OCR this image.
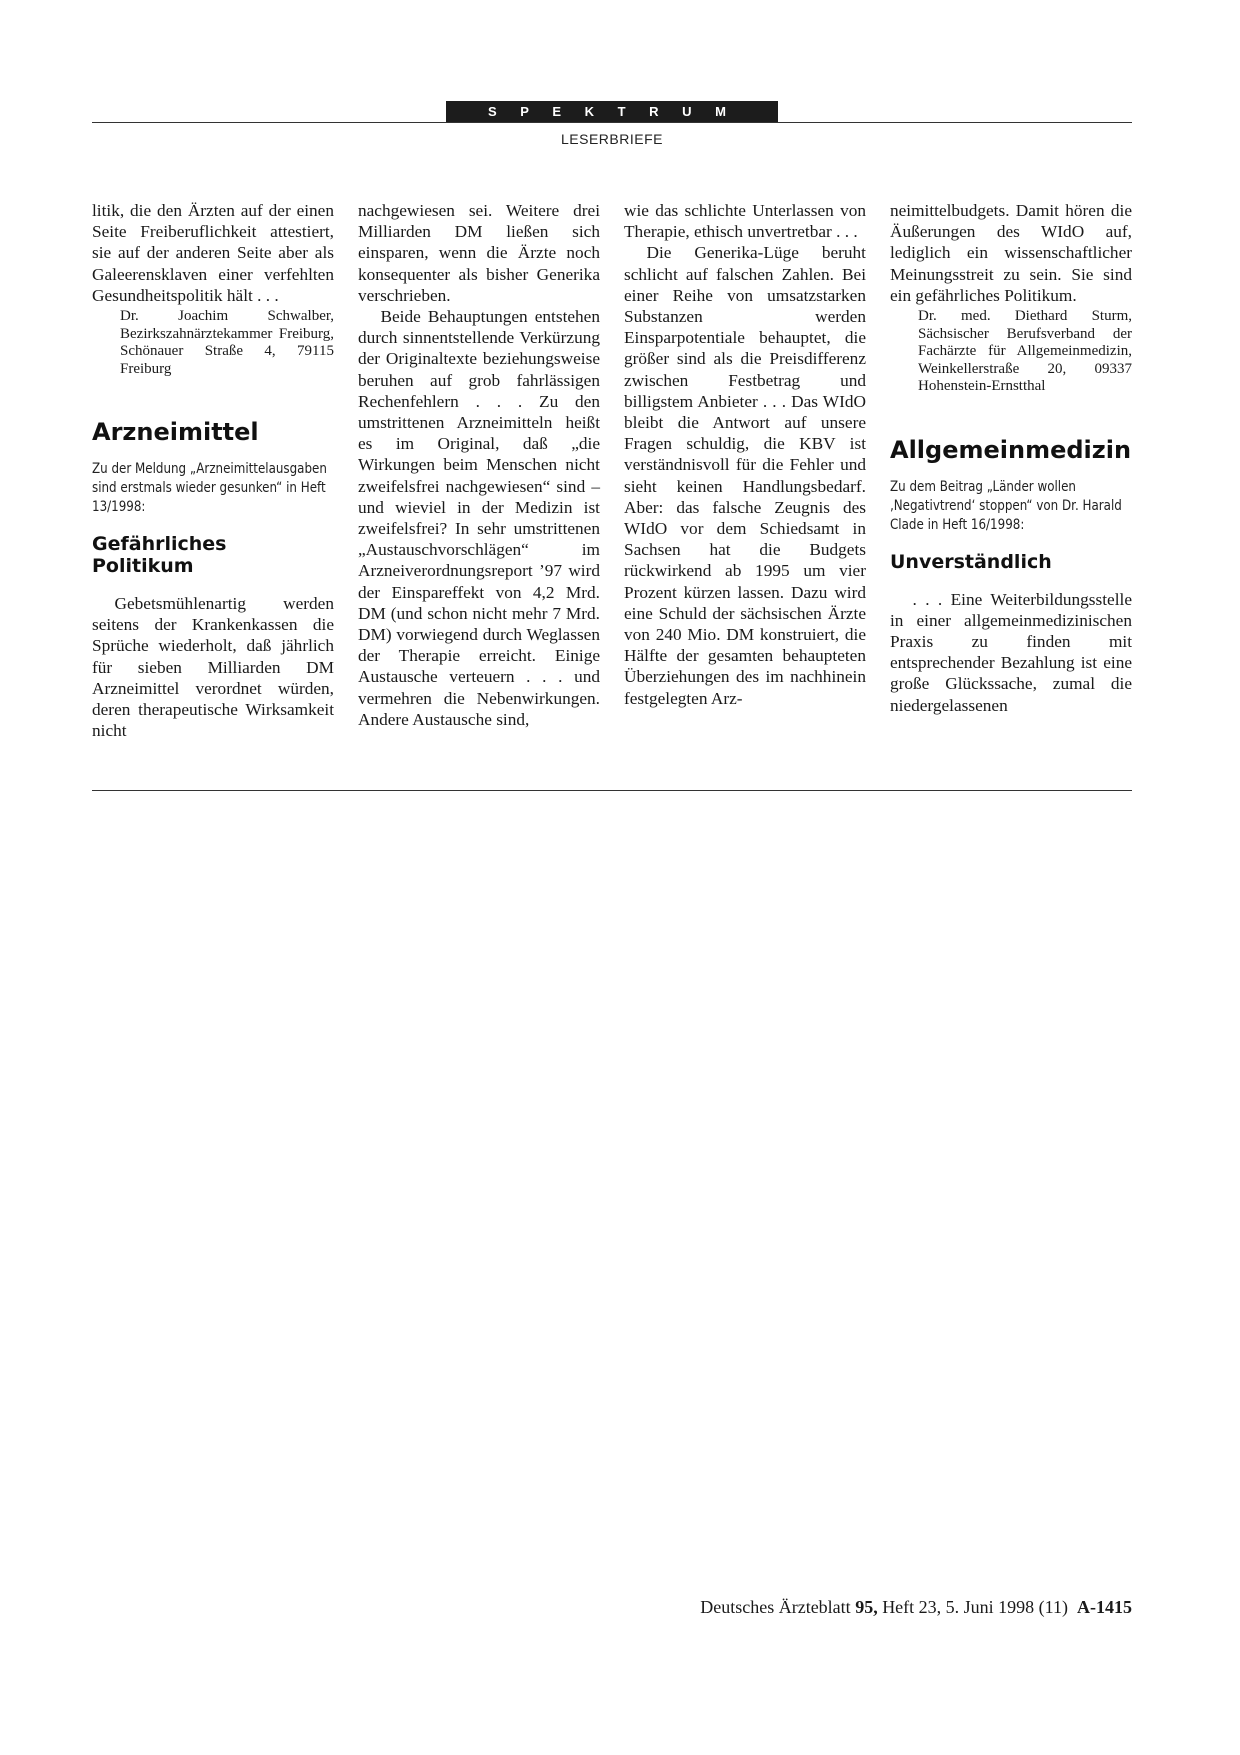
S P E K T R U M
LESERBRIEFE

litik, die den Ärzten auf der einen Seite Freiberuflichkeit attestiert, sie auf der anderen Seite aber als Galeerensklaven einer verfehlten Gesundheitspolitik hält . . .

Dr. Joachim Schwalber, Bezirkszahnärztekammer Freiburg, Schönauer Straße 4, 79115 Freiburg

Arzneimittel

Zu der Meldung „Arzneimittelausgaben sind erstmals wieder gesunken“ in Heft 13/1998:

Gefährliches Politikum

Gebetsmühlenartig werden seitens der Krankenkassen die Sprüche wiederholt, daß jährlich für sieben Milliarden DM Arzneimittel verordnet würden, deren therapeutische Wirksamkeit nicht

nachgewiesen sei. Weitere drei Milliarden DM ließen sich einsparen, wenn die Ärzte noch konsequenter als bisher Generika verschrieben.

Beide Behauptungen entstehen durch sinnentstellende Verkürzung der Originaltexte beziehungsweise beruhen auf grob fahrlässigen Rechenfehlern . . . Zu den umstrittenen Arzneimitteln heißt es im Original, daß „die Wirkungen beim Menschen nicht zweifelsfrei nachgewiesen“ sind – und wieviel in der Medizin ist zweifelsfrei? In sehr umstrittenen „Austauschvorschlägen“ im Arzneiverordnungsreport ’97 wird der Einspareffekt von 4,2 Mrd. DM (und schon nicht mehr 7 Mrd. DM) vorwiegend durch Weglassen der Therapie erreicht. Einige Austausche verteuern . . . und vermehren die Nebenwirkungen. Andere Austausche sind,

wie das schlichte Unterlassen von Therapie, ethisch unvertretbar . . .

Die Generika-Lüge beruht schlicht auf falschen Zahlen. Bei einer Reihe von umsatzstarken Substanzen werden Einsparpotentiale behauptet, die größer sind als die Preisdifferenz zwischen Festbetrag und billigstem Anbieter . . . Das WIdO bleibt die Antwort auf unsere Fragen schuldig, die KBV ist verständnisvoll für die Fehler und sieht keinen Handlungsbedarf. Aber: das falsche Zeugnis des WIdO vor dem Schiedsamt in Sachsen hat die Budgets rückwirkend ab 1995 um vier Prozent kürzen lassen. Dazu wird eine Schuld der sächsischen Ärzte von 240 Mio. DM konstruiert, die Hälfte der gesamten behaupteten Überziehungen des im nachhinein festgelegten Arz-

neimittelbudgets. Damit hören die Äußerungen des WIdO auf, lediglich ein wissenschaftlicher Meinungsstreit zu sein. Sie sind ein gefährliches Politikum.

Dr. med. Diethard Sturm, Sächsischer Berufsverband der Fachärzte für Allgemeinmedizin, Weinkellerstraße 20, 09337 Hohenstein-Ernstthal

Allgemeinmedizin

Zu dem Beitrag „Länder wollen ‚Negativtrend‘ stoppen“ von Dr. Harald Clade in Heft 16/1998:

Unverständlich

. . . Eine Weiterbildungsstelle in einer allgemeinmedizinischen Praxis zu finden mit entsprechender Bezahlung ist eine große Glückssache, zumal die niedergelassenen

Deutsches Ärzteblatt 95, Heft 23, 5. Juni 1998 (11) A-1415
